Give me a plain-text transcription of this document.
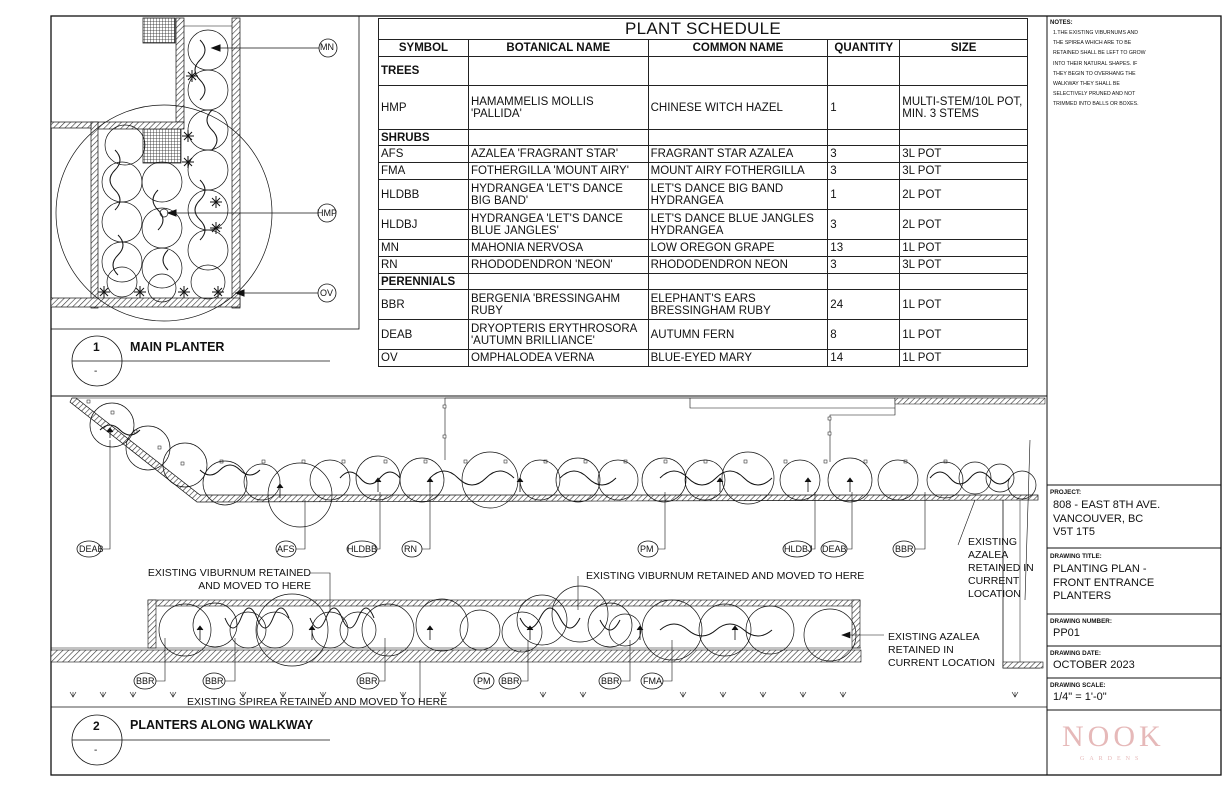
PLANT SCHEDULE				
SYMBOL	BOTANICAL NAME	COMMON NAME	QUANTITY	SIZE
TREES				
HMP	HAMAMMELIS MOLLIS 'PALLIDA'	CHINESE WITCH HAZEL	1	MULTI-STEM/10L POT, MIN. 3 STEMS
SHRUBS				
AFS	AZALEA 'FRAGRANT STAR'	FRAGRANT STAR AZALEA	3	3L POT
FMA	FOTHERGILLA 'MOUNT AIRY'	MOUNT AIRY FOTHERGILLA	3	3L POT
HLDBB	HYDRANGEA 'LET'S DANCE BIG BAND'	LET'S DANCE BIG BAND HYDRANGEA	1	2L POT
HLDBJ	HYDRANGEA 'LET'S DANCE BLUE JANGLES'	LET'S DANCE BLUE JANGLES HYDRANGEA	3	2L POT
MN	MAHONIA NERVOSA	LOW OREGON GRAPE	13	1L POT
RN	RHODODENDRON 'NEON'	RHODODENDRON NEON	3	3L POT
PERENNIALS				
BBR	BERGENIA 'BRESSINGAHM RUBY	ELEPHANT'S EARS BRESSINGHAM RUBY	24	1L POT
DEAB	DRYOPTERIS ERYTHROSORA 'AUTUMN BRILLIANCE'	AUTUMN FERN	8	1L POT
OV	OMPHALODEA VERNA	BLUE-EYED MARY	14	1L POT
NOTES:
1.THE EXISTING VIBURNUMS AND THE SPIREA WHICH ARE TO BE RETAINED SHALL BE LEFT TO GROW INTO THEIR NATURAL SHAPES. IF THEY BEGIN TO OVERHANG THE WALKWAY THEY SHALL BE SELECTIVELY PRUNED AND NOT TRIMMED INTO BALLS OR BOXES.
PROJECT:
808 - EAST 8TH AVE. VANCOUVER, BC V5T 1T5
DRAWING TITLE:
PLANTING PLAN - FRONT ENTRANCE PLANTERS
DRAWING NUMBER:
PP01
DRAWING DATE:
OCTOBER 2023
DRAWING SCALE:
1/4" = 1'-0"
NOOK
GARDENS
MN
HMP
OV
1
-
MAIN PLANTER
DEAB	AFS	HLDBB	RN	PM	HLDBJ DEAB	BBR
BBR	BBR	BBR	PM BBR	BBR	FMA
EXISTING VIBURNUM RETAINED AND MOVED TO HERE
EXISTING VIBURNUM RETAINED AND MOVED TO HERE
EXISTING AZALEA RETAINED IN CURRENT LOCATION
EXISTING AZALEA RETAINED IN CURRENT LOCATION
EXISTING SPIREA RETAINED AND MOVED TO HERE
2
-
PLANTERS ALONG WALKWAY
